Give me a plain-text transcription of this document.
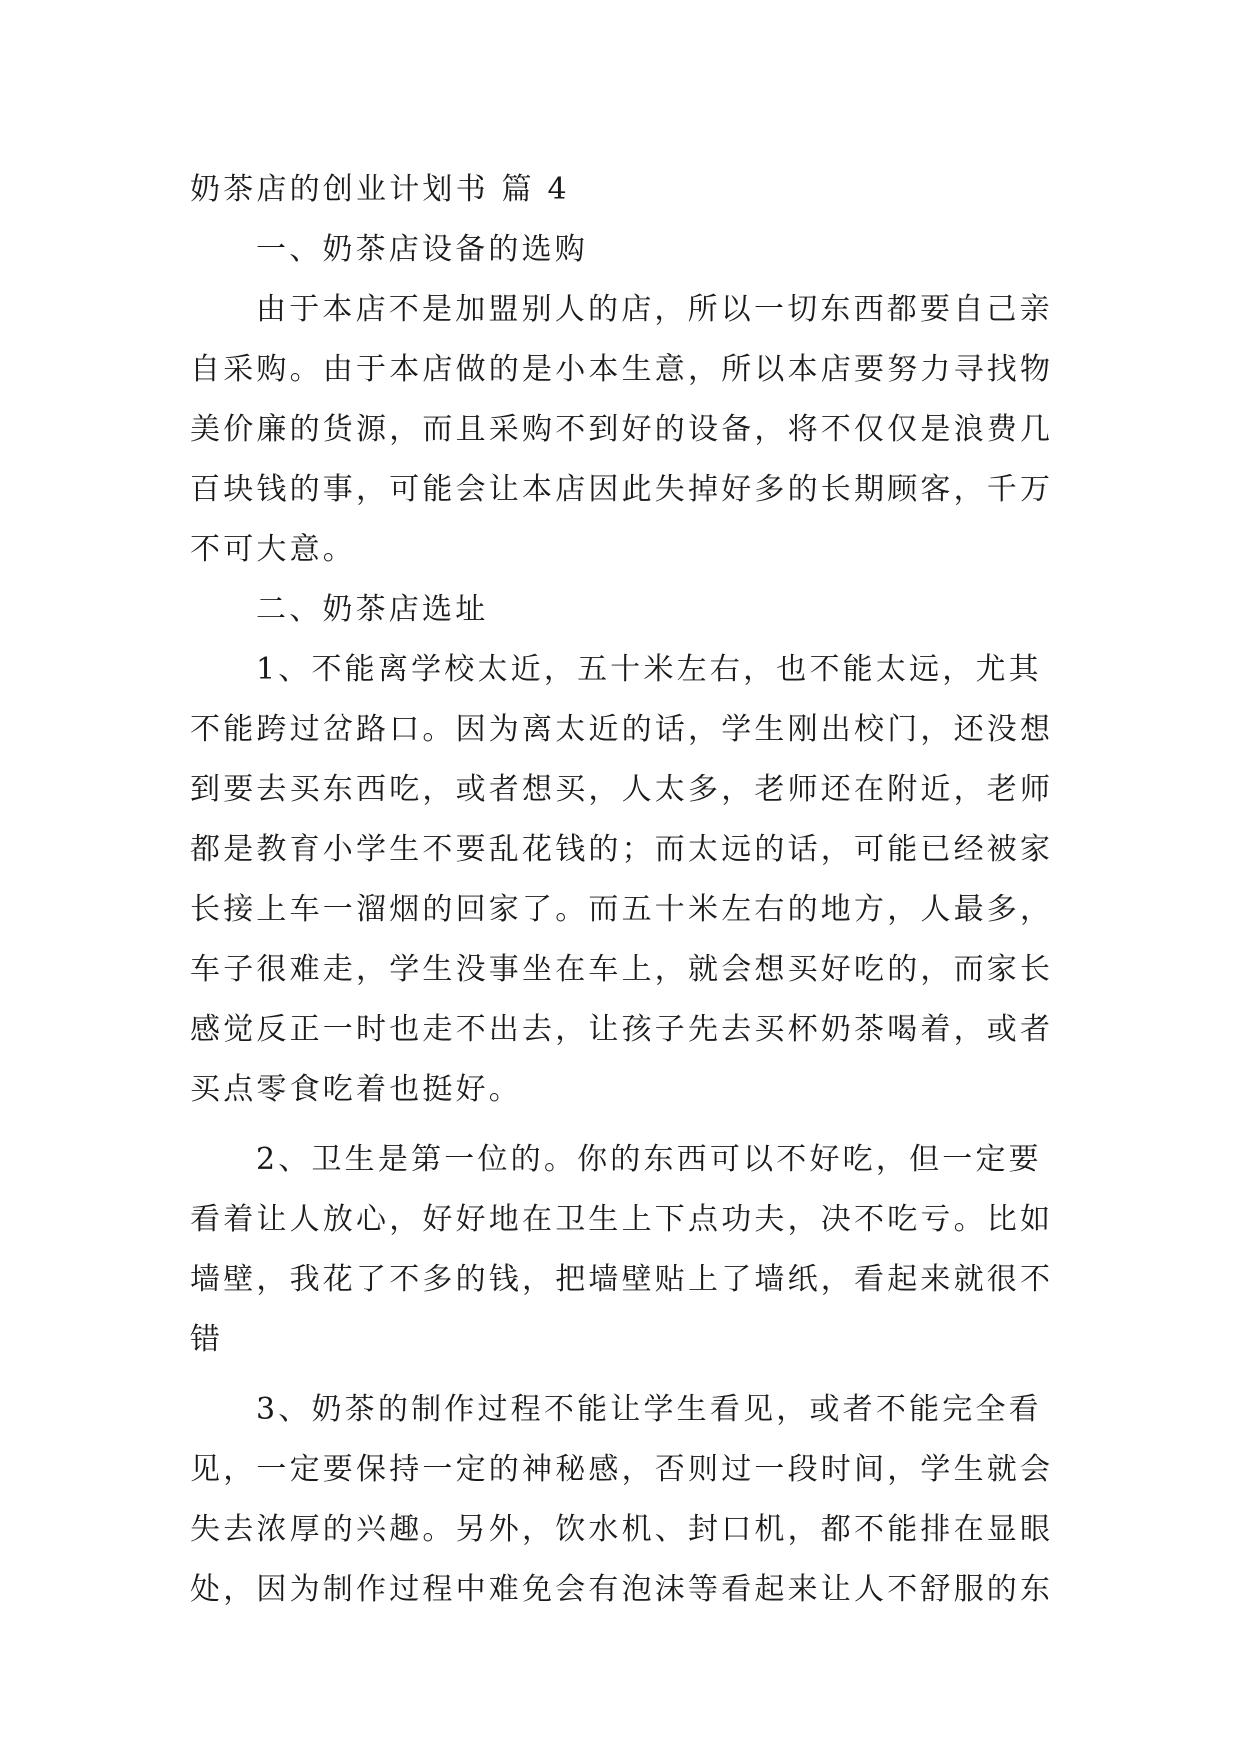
奶茶店的创业计划书 篇 4

一、奶茶店设备的选购

由于本店不是加盟别人的店，所以一切东西都要自己亲
自采购。由于本店做的是小本生意，所以本店要努力寻找物
美价廉的货源，而且采购不到好的设备，将不仅仅是浪费几
百块钱的事，可能会让本店因此失掉好多的长期顾客，千万
不可大意。

二、奶茶店选址

1、不能离学校太近，五十米左右，也不能太远，尤其
不能跨过岔路口。因为离太近的话，学生刚出校门，还没想
到要去买东西吃，或者想买，人太多，老师还在附近，老师
都是教育小学生不要乱花钱的；而太远的话，可能已经被家
长接上车一溜烟的回家了。而五十米左右的地方，人最多，
车子很难走，学生没事坐在车上，就会想买好吃的，而家长
感觉反正一时也走不出去，让孩子先去买杯奶茶喝着，或者
买点零食吃着也挺好。

2、卫生是第一位的。你的东西可以不好吃，但一定要
看着让人放心，好好地在卫生上下点功夫，决不吃亏。比如
墙壁，我花了不多的钱，把墙壁贴上了墙纸，看起来就很不
错

3、奶茶的制作过程不能让学生看见，或者不能完全看
见，一定要保持一定的神秘感，否则过一段时间，学生就会
失去浓厚的兴趣。另外，饮水机、封口机，都不能排在显眼
处，因为制作过程中难免会有泡沫等看起来让人不舒服的东
